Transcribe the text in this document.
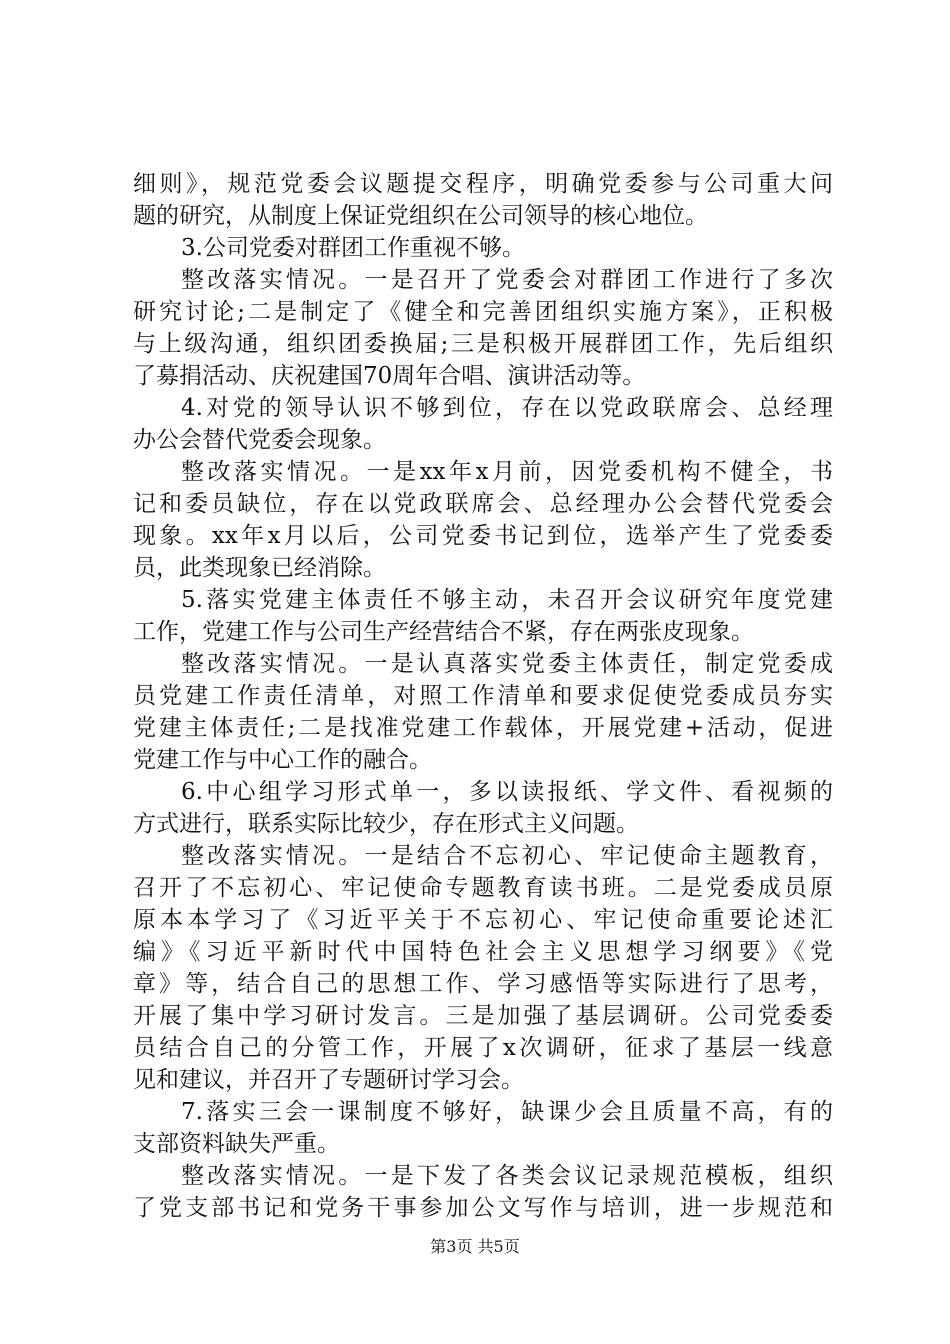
细则》，规范党委会议题提交程序，明确党委参与公司重大问
题的研究，从制度上保证党组织在公司领导的核心地位。
3.公司党委对群团工作重视不够。
整改落实情况。一是召开了党委会对群团工作进行了多次
研究讨论;二是制定了《健全和完善团组织实施方案》，正积极
与上级沟通，组织团委换届;三是积极开展群团工作，先后组织
了募捐活动、庆祝建国70周年合唱、演讲活动等。
4.对党的领导认识不够到位，存在以党政联席会、总经理
办公会替代党委会现象。
整改落实情况。一是xx年x月前，因党委机构不健全，书
记和委员缺位，存在以党政联席会、总经理办公会替代党委会
现象。xx年x月以后，公司党委书记到位，选举产生了党委委
员，此类现象已经消除。
5.落实党建主体责任不够主动，未召开会议研究年度党建
工作，党建工作与公司生产经营结合不紧，存在两张皮现象。
整改落实情况。一是认真落实党委主体责任，制定党委成
员党建工作责任清单，对照工作清单和要求促使党委成员夯实
党建主体责任;二是找准党建工作载体，开展党建+活动，促进
党建工作与中心工作的融合。
6.中心组学习形式单一，多以读报纸、学文件、看视频的
方式进行，联系实际比较少，存在形式主义问题。
整改落实情况。一是结合不忘初心、牢记使命主题教育，
召开了不忘初心、牢记使命专题教育读书班。二是党委成员原
原本本学习了《习近平关于不忘初心、牢记使命重要论述汇
编》《习近平新时代中国特色社会主义思想学习纲要》《党
章》等，结合自己的思想工作、学习感悟等实际进行了思考，
开展了集中学习研讨发言。三是加强了基层调研。公司党委委
员结合自己的分管工作，开展了x次调研，征求了基层一线意
见和建议，并召开了专题研讨学习会。
7.落实三会一课制度不够好，缺课少会且质量不高，有的
支部资料缺失严重。
整改落实情况。一是下发了各类会议记录规范模板，组织
了党支部书记和党务干事参加公文写作与培训，进一步规范和
第3页 共5页
